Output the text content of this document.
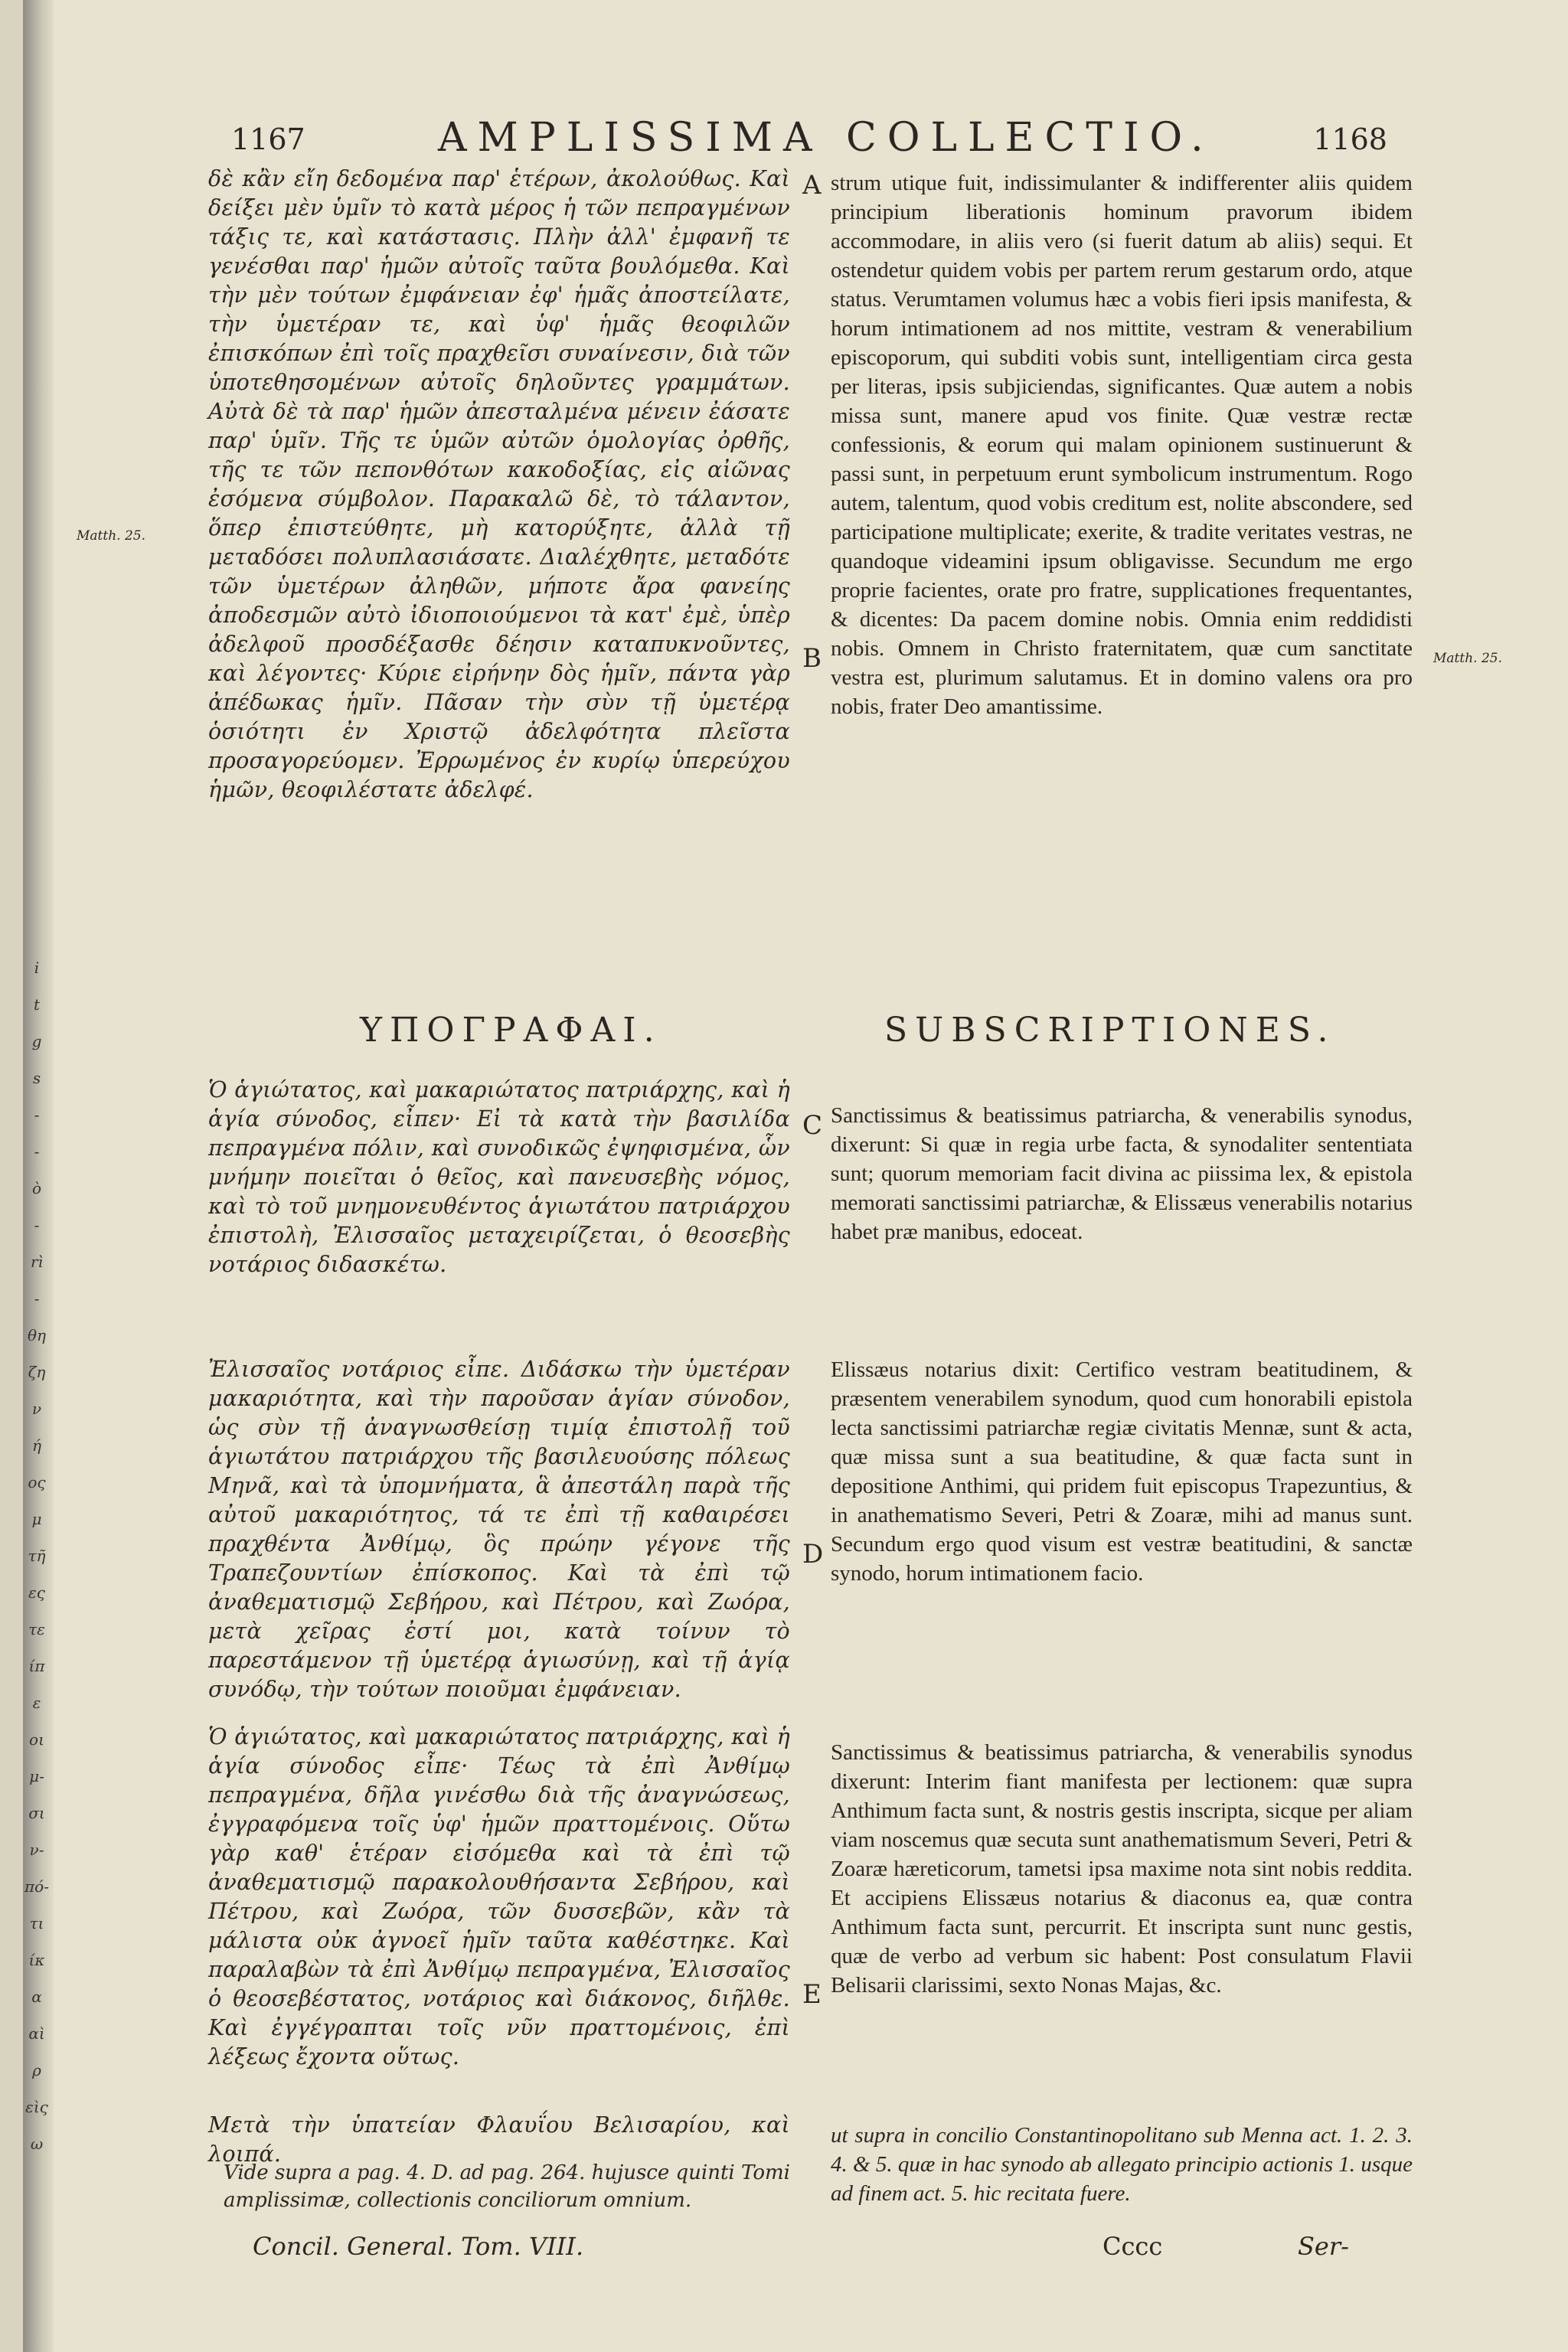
i
t
g
s
-
-
ò
-
rì
-
θη
ζη
ν
ή
ος
μ
τῆ
ες
τε
ίπ
ε
οι
μ-
σι
ν-
πό-
τι
ίκ
α
αὶ
ρ
εὶς
ω
1167	AMPLISSIMA COLLECTIO.	1168
δὲ κἂν εἴη δεδομένα παρ' ἑτέρων, ἀκολούθως. Καὶ δείξει μὲν ὑμῖν τὸ κατὰ μέρος ἡ τῶν πεπραγμένων τάξις τε, καὶ κατάστασις. Πλὴν ἀλλ' ἐμφανῆ τε γενέσθαι παρ' ἡμῶν αὐτοῖς ταῦτα βουλόμεθα. Καὶ τὴν μὲν τούτων ἐμφάνειαν ἐφ' ἡμᾶς ἀποστείλατε, τὴν ὑμετέραν τε, καὶ ὑφ' ἡμᾶς θεοφιλῶν ἐπισκόπων ἐπὶ τοῖς πραχθεῖσι συναίνεσιν, διὰ τῶν ὑποτεθησομένων αὐτοῖς δηλοῦντες γραμμάτων. Αὐτὰ δὲ τὰ παρ' ἡμῶν ἀπεσταλμένα μένειν ἐάσατε παρ' ὑμῖν. Τῆς τε ὑμῶν αὐτῶν ὁμολογίας ὀρθῆς, τῆς τε τῶν πεπονθότων κακοδοξίας, εἰς αἰῶνας ἐσόμενα σύμβολον. Παρακαλῶ δὲ, τὸ τάλαντον, ὅπερ ἐπιστεύθητε, μὴ κατορύξητε, ἀλλὰ τῇ μεταδόσει πολυπλασιάσατε. Διαλέχθητε, μεταδότε τῶν ὑμετέρων ἀληθῶν, μήποτε ἄρα φανείης ἀποδεσμῶν αὐτὸ ἰδιοποιούμενοι τὰ κατ' ἐμὲ, ὑπὲρ ἀδελφοῦ προσδέξασθε δέησιν καταπυκνοῦντες, καὶ λέγοντες· Κύριε εἰρήνην δὸς ἡμῖν, πάντα γὰρ ἀπέδωκας ἡμῖν. Πᾶσαν τὴν σὺν τῇ ὑμετέρᾳ ὁσιότητι ἐν Χριστῷ ἀδελφότητα πλεῖστα προσαγορεύομεν. Ἐρρωμένος ἐν κυρίῳ ὑπερεύχου ἡμῶν, θεοφιλέστατε ἀδελφέ.
strum utique fuit, indissimulanter & indifferenter aliis quidem principium liberationis hominum pravorum ibidem accommodare, in aliis vero (si fuerit datum ab aliis) sequi. Et ostendetur quidem vobis per partem rerum gestarum ordo, atque status. Verumtamen volumus hæc a vobis fieri ipsis manifesta, & horum intimationem ad nos mittite, vestram & venerabilium episcoporum, qui subditi vobis sunt, intelligentiam circa gesta per literas, ipsis subjiciendas, significantes. Quæ autem a nobis missa sunt, manere apud vos finite. Quæ vestræ rectæ confessionis, & eorum qui malam opinionem sustinuerunt & passi sunt, in perpetuum erunt symbolicum instrumentum. Rogo autem, talentum, quod vobis creditum est, nolite abscondere, sed participatione multiplicate; exerite, & tradite veritates vestras, ne quandoque videamini ipsum obligavisse. Secundum me ergo proprie facientes, orate pro fratre, supplicationes frequentantes, & dicentes: Da pacem domine nobis. Omnia enim reddidisti nobis. Omnem in Christo fraternitatem, quæ cum sanctitate vestra est, plurimum salutamus. Et in domino valens ora pro nobis, frater Deo amantissime.
Matth. 25.
Matth. 25.
A
B
C
D
E
ΥΠΟΓΡΑΦΑΙ.	SUBSCRIPTIONES.
Ὁ ἁγιώτατος, καὶ μακαριώτατος πατριάρχης, καὶ ἡ ἁγία σύνοδος, εἶπεν· Εἰ τὰ κατὰ τὴν βασιλίδα πεπραγμένα πόλιν, καὶ συνοδικῶς ἐψηφισμένα, ὧν μνήμην ποιεῖται ὁ θεῖος, καὶ πανευσεβὴς νόμος, καὶ τὸ τοῦ μνημονευθέντος ἁγιωτάτου πατριάρχου ἐπιστολὴ, Ἐλισσαῖος μεταχειρίζεται, ὁ θεοσεβὴς νοτάριος διδασκέτω.
Ἐλισσαῖος νοτάριος εἶπε. Διδάσκω τὴν ὑμετέραν μακαριότητα, καὶ τὴν παροῦσαν ἁγίαν σύνοδον, ὡς σὺν τῇ ἀναγνωσθείσῃ τιμίᾳ ἐπιστολῇ τοῦ ἁγιωτάτου πατριάρχου τῆς βασιλευούσης πόλεως Μηνᾶ, καὶ τὰ ὑπομνήματα, ἃ ἀπεστάλη παρὰ τῆς αὐτοῦ μακαριότητος, τά τε ἐπὶ τῇ καθαιρέσει πραχθέντα Ἀνθίμῳ, ὃς πρώην γέγονε τῆς Τραπεζουντίων ἐπίσκοπος. Καὶ τὰ ἐπὶ τῷ ἀναθεματισμῷ Σεβήρου, καὶ Πέτρου, καὶ Ζωόρα, μετὰ χεῖρας ἐστί μοι, κατὰ τοίνυν τὸ παρεστάμενον τῇ ὑμετέρᾳ ἁγιωσύνῃ, καὶ τῇ ἁγίᾳ συνόδῳ, τὴν τούτων ποιοῦμαι ἐμφάνειαν.
Ὁ ἁγιώτατος, καὶ μακαριώτατος πατριάρχης, καὶ ἡ ἁγία σύνοδος εἶπε· Τέως τὰ ἐπὶ Ἀνθίμῳ πεπραγμένα, δῆλα γινέσθω διὰ τῆς ἀναγνώσεως, ἐγγραφόμενα τοῖς ὑφ' ἡμῶν πραττομένοις. Οὕτω γὰρ καθ' ἑτέραν εἰσόμεθα καὶ τὰ ἐπὶ τῷ ἀναθεματισμῷ παρακολουθήσαντα Σεβήρου, καὶ Πέτρου, καὶ Ζωόρα, τῶν δυσσεβῶν, κἂν τὰ μάλιστα οὐκ ἀγνοεῖ ἡμῖν ταῦτα καθέστηκε. Καὶ παραλαβὼν τὰ ἐπὶ Ἀνθίμῳ πεπραγμένα, Ἐλισσαῖος ὁ θεοσεβέστατος, νοτάριος καὶ διάκονος, διῆλθε. Καὶ ἐγγέγραπται τοῖς νῦν πραττομένοις, ἐπὶ λέξεως ἔχοντα οὕτως.
Μετὰ τὴν ὑπατείαν Φλαυΐου Βελισαρίου, καὶ λοιπά.
Sanctissimus & beatissimus patriarcha, & venerabilis synodus, dixerunt: Si quæ in regia urbe facta, & synodaliter sententiata sunt; quorum memoriam facit divina ac piissima lex, & epistola memorati sanctissimi patriarchæ, & Elissæus venerabilis notarius habet præ manibus, edoceat.
Elissæus notarius dixit: Certifico vestram beatitudinem, & præsentem venerabilem synodum, quod cum honorabili epistola lecta sanctissimi patriarchæ regiæ civitatis Mennæ, sunt & acta, quæ missa sunt a sua beatitudine, & quæ facta sunt in depositione Anthimi, qui pridem fuit episcopus Trapezuntius, & in anathematismo Severi, Petri & Zoaræ, mihi ad manus sunt. Secundum ergo quod visum est vestræ beatitudini, & sanctæ synodo, horum intimationem facio.
Sanctissimus & beatissimus patriarcha, & venerabilis synodus dixerunt: Interim fiant manifesta per lectionem: quæ supra Anthimum facta sunt, & nostris gestis inscripta, sicque per aliam viam noscemus quæ secuta sunt anathematismum Severi, Petri & Zoaræ hæreticorum, tametsi ipsa maxime nota sint nobis reddita. Et accipiens Elissæus notarius & diaconus ea, quæ contra Anthimum facta sunt, percurrit. Et inscripta sunt nunc gestis, quæ de verbo ad verbum sic habent: Post consulatum Flavii Belisarii clarissimi, sexto Nonas Majas, &c.
ut supra in concilio Constantinopolitano sub Menna act. 1. 2. 3. 4. & 5. quæ in hac synodo ab allegato principio actionis 1. usque ad finem act. 5. hic recitata fuere.
Vide supra a pag. 4. D. ad pag. 264. hujusce quinti Tomi amplissimæ, collectionis conciliorum omnium.
Concil. General. Tom. VIII.	Cccc	Ser-
